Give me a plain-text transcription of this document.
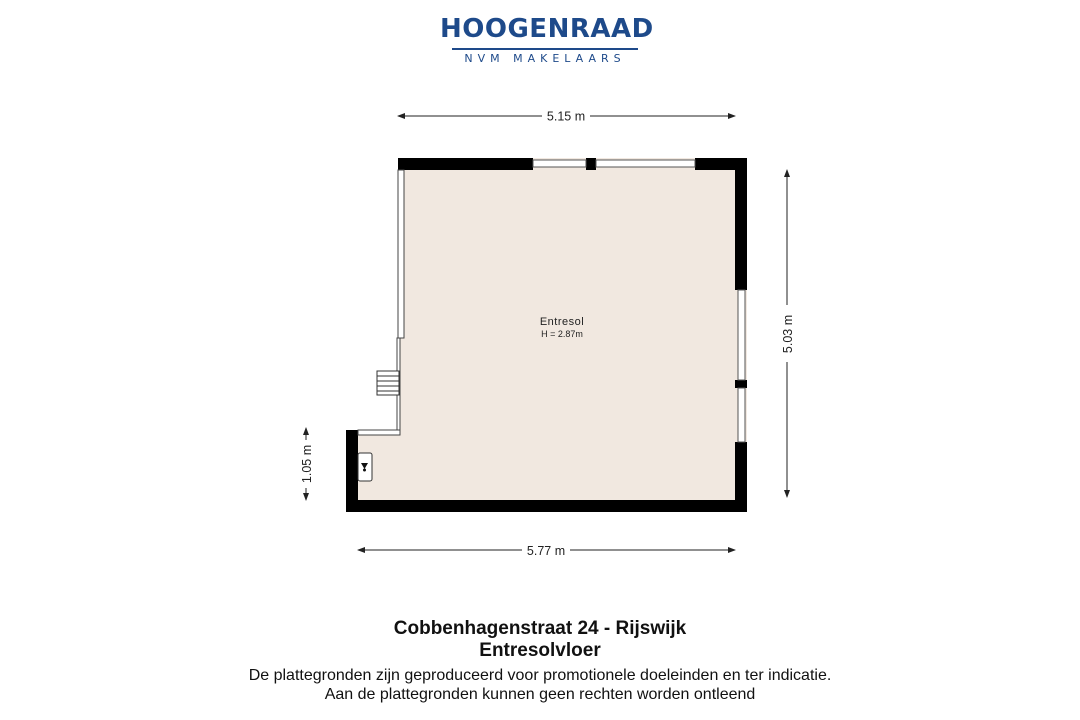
HOOGENRAAD
NVM MAKELAARS
5.15 m
5.77 m
5.03 m
1.05 m
Entresol
H = 2.87m
Cobbenhagenstraat 24 - Rijswijk
Entresolvloer
De plattegronden zijn geproduceerd voor promotionele doeleinden en ter indicatie.
Aan de plattegronden kunnen geen rechten worden ontleend
